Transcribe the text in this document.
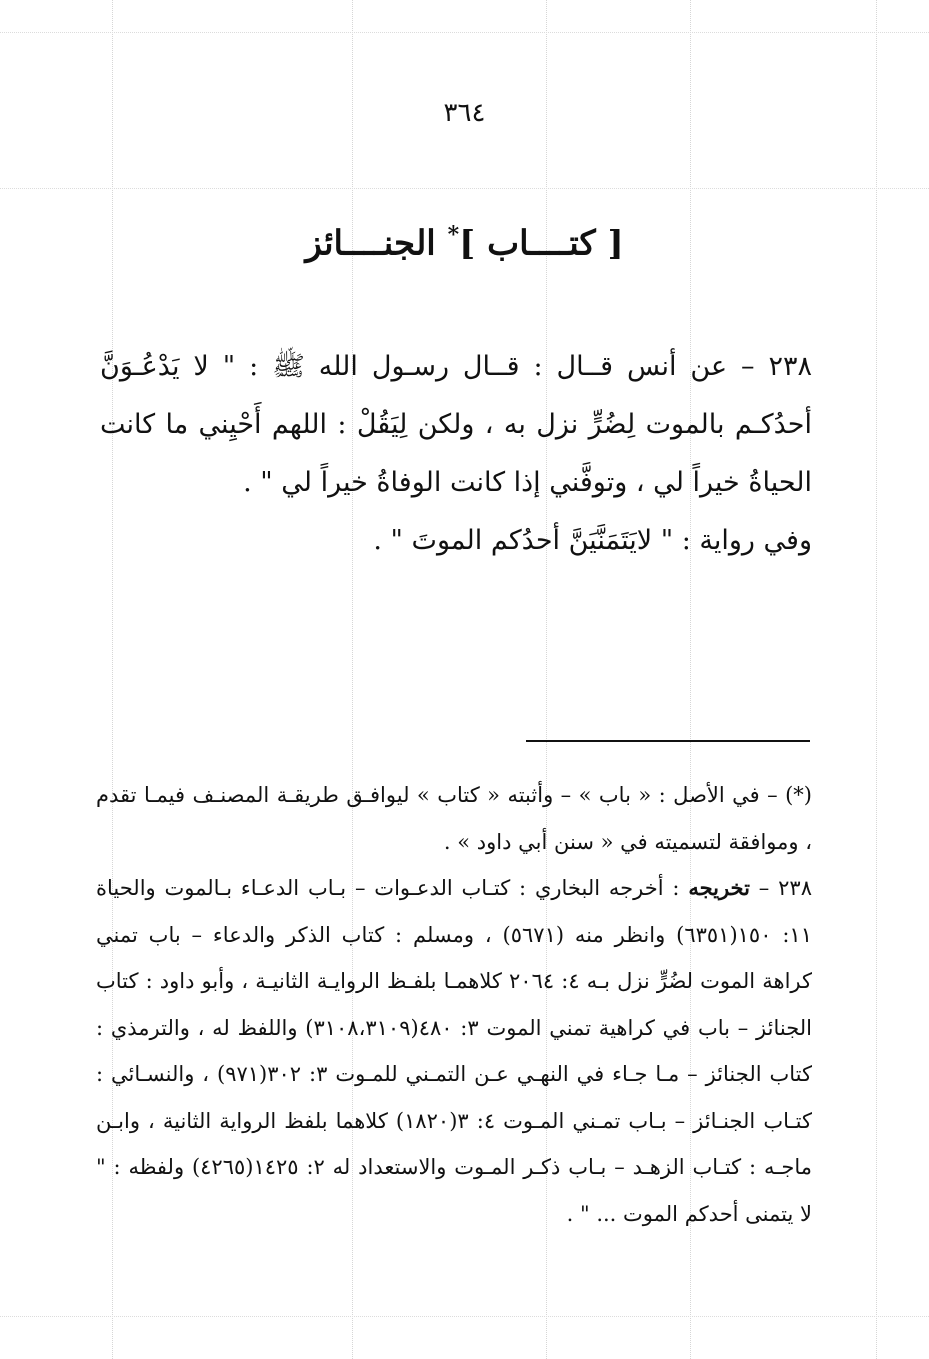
٣٦٤
[ كتــــاب ]* الجنــــائز

٢٣٨ – عن أنس قــال : قــال رسـول الله ﷺ : " لا يَدْعُـوَنَّ أحدُكـم بالموت لِضُرٍّ نزل به ، ولكن لِيَقُلْ : اللهم أَحْيِني ما كانت الحياةُ خيراً لي ، وتوفَّني إذا كانت الوفاةُ خيراً لي " .

وفي رواية : " لايَتَمَنَّيَنَّ أحدُكم الموتَ " .

(*) – في الأصل : « باب » – وأثبته « كتاب » ليوافـق طريقـة المصنـف فيمـا تقدم ، وموافقة لتسميته في « سنن أبي داود » .

٢٣٨ – تخريجه : أخرجه البخاري : كتـاب الدعـوات – بـاب الدعـاء بـالموت والحياة ١١: ١٥٠(٦٣٥١) وانظر منه (٥٦٧١) ، ومسلم : كتاب الذكر والدعاء – باب تمني كراهة الموت لضُرٍّ نزل بـه ٤: ٢٠٦٤ كلاهمـا بلفـظ الروايـة الثانيـة ، وأبو داود : كتاب الجنائز – باب في كراهية تمني الموت ٣: ٤٨٠(٣١٠٨،٣١٠٩) واللفظ له ، والترمذي : كتاب الجنائز – مـا جـاء في النهـي عـن التمـني للمـوت ٣: ٣٠٢(٩٧١) ، والنسـائي : كتـاب الجنـائز – بـاب تمـني المـوت ٤: ٣(١٨٢٠) كلاهما بلفظ الرواية الثانية ، وابـن ماجـه : كتـاب الزهـد – بـاب ذكـر المـوت والاستعداد له ٢: ١٤٢٥(٤٢٦٥) ولفظه : " لا يتمنى أحدكم الموت ... " .
